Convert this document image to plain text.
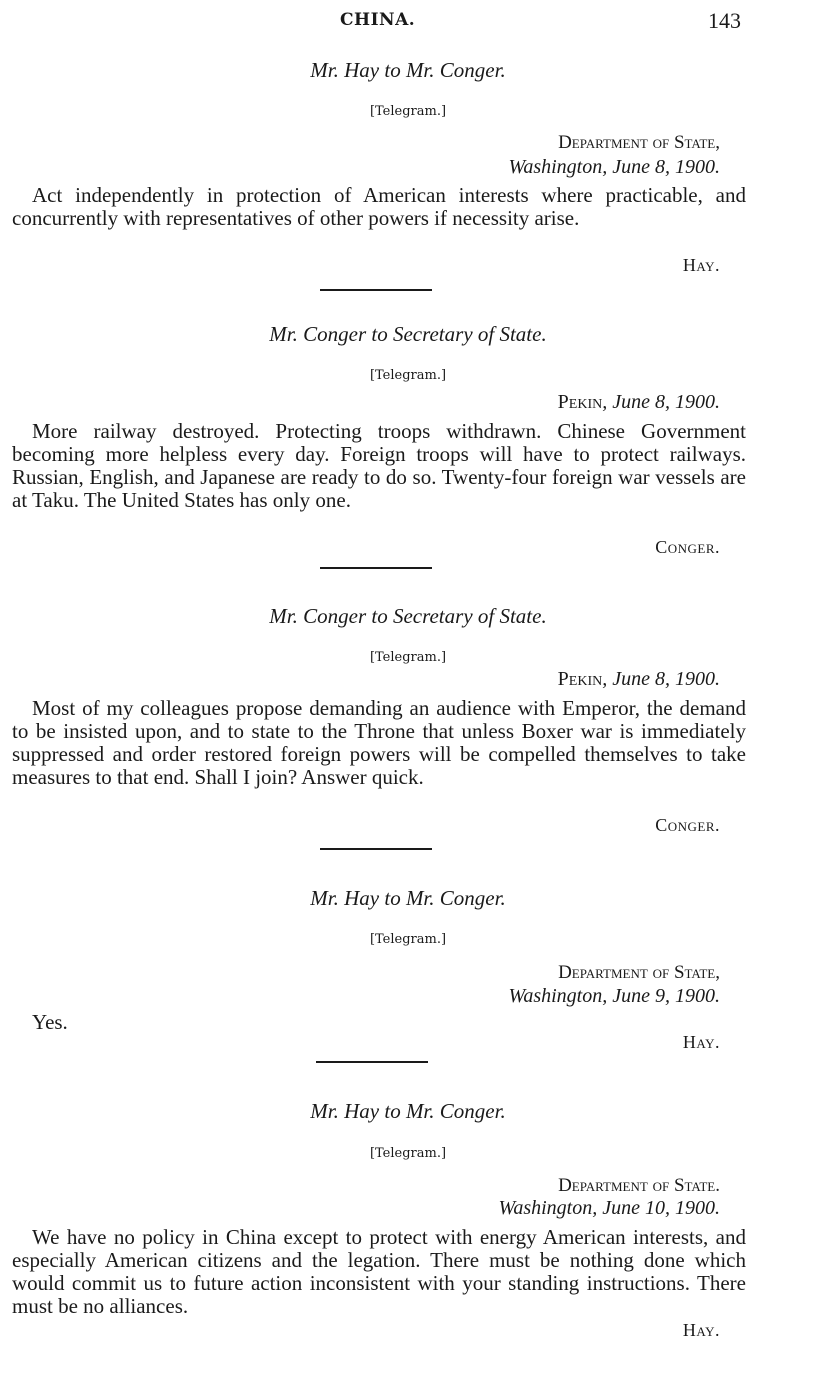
CHINA.	143
Mr. Hay to Mr. Conger.
[Telegram.]
Department of State,
Washington, June 8, 1900.
Act independently in protection of American interests where practicable, and concurrently with representatives of other powers if necessity arise.
Hay.
Mr. Conger to Secretary of State.
[Telegram.]
Pekin, June 8, 1900.
More railway destroyed. Protecting troops withdrawn. Chinese Government becoming more helpless every day. Foreign troops will have to protect railways. Russian, English, and Japanese are ready to do so. Twenty-four foreign war vessels are at Taku. The United States has only one.
Conger.
Mr. Conger to Secretary of State.
[Telegram.]
Pekin, June 8, 1900.
Most of my colleagues propose demanding an audience with Emperor, the demand to be insisted upon, and to state to the Throne that unless Boxer war is immediately suppressed and order restored foreign powers will be compelled themselves to take measures to that end. Shall I join? Answer quick.
Conger.
Mr. Hay to Mr. Conger.
[Telegram.]
Department of State,
Washington, June 9, 1900.
Yes.
Hay.
Mr. Hay to Mr. Conger.
[Telegram.]
Department of State.
Washington, June 10, 1900.
We have no policy in China except to protect with energy American interests, and especially American citizens and the legation. There must be nothing done which would commit us to future action inconsistent with your standing instructions. There must be no alliances.
Hay.
